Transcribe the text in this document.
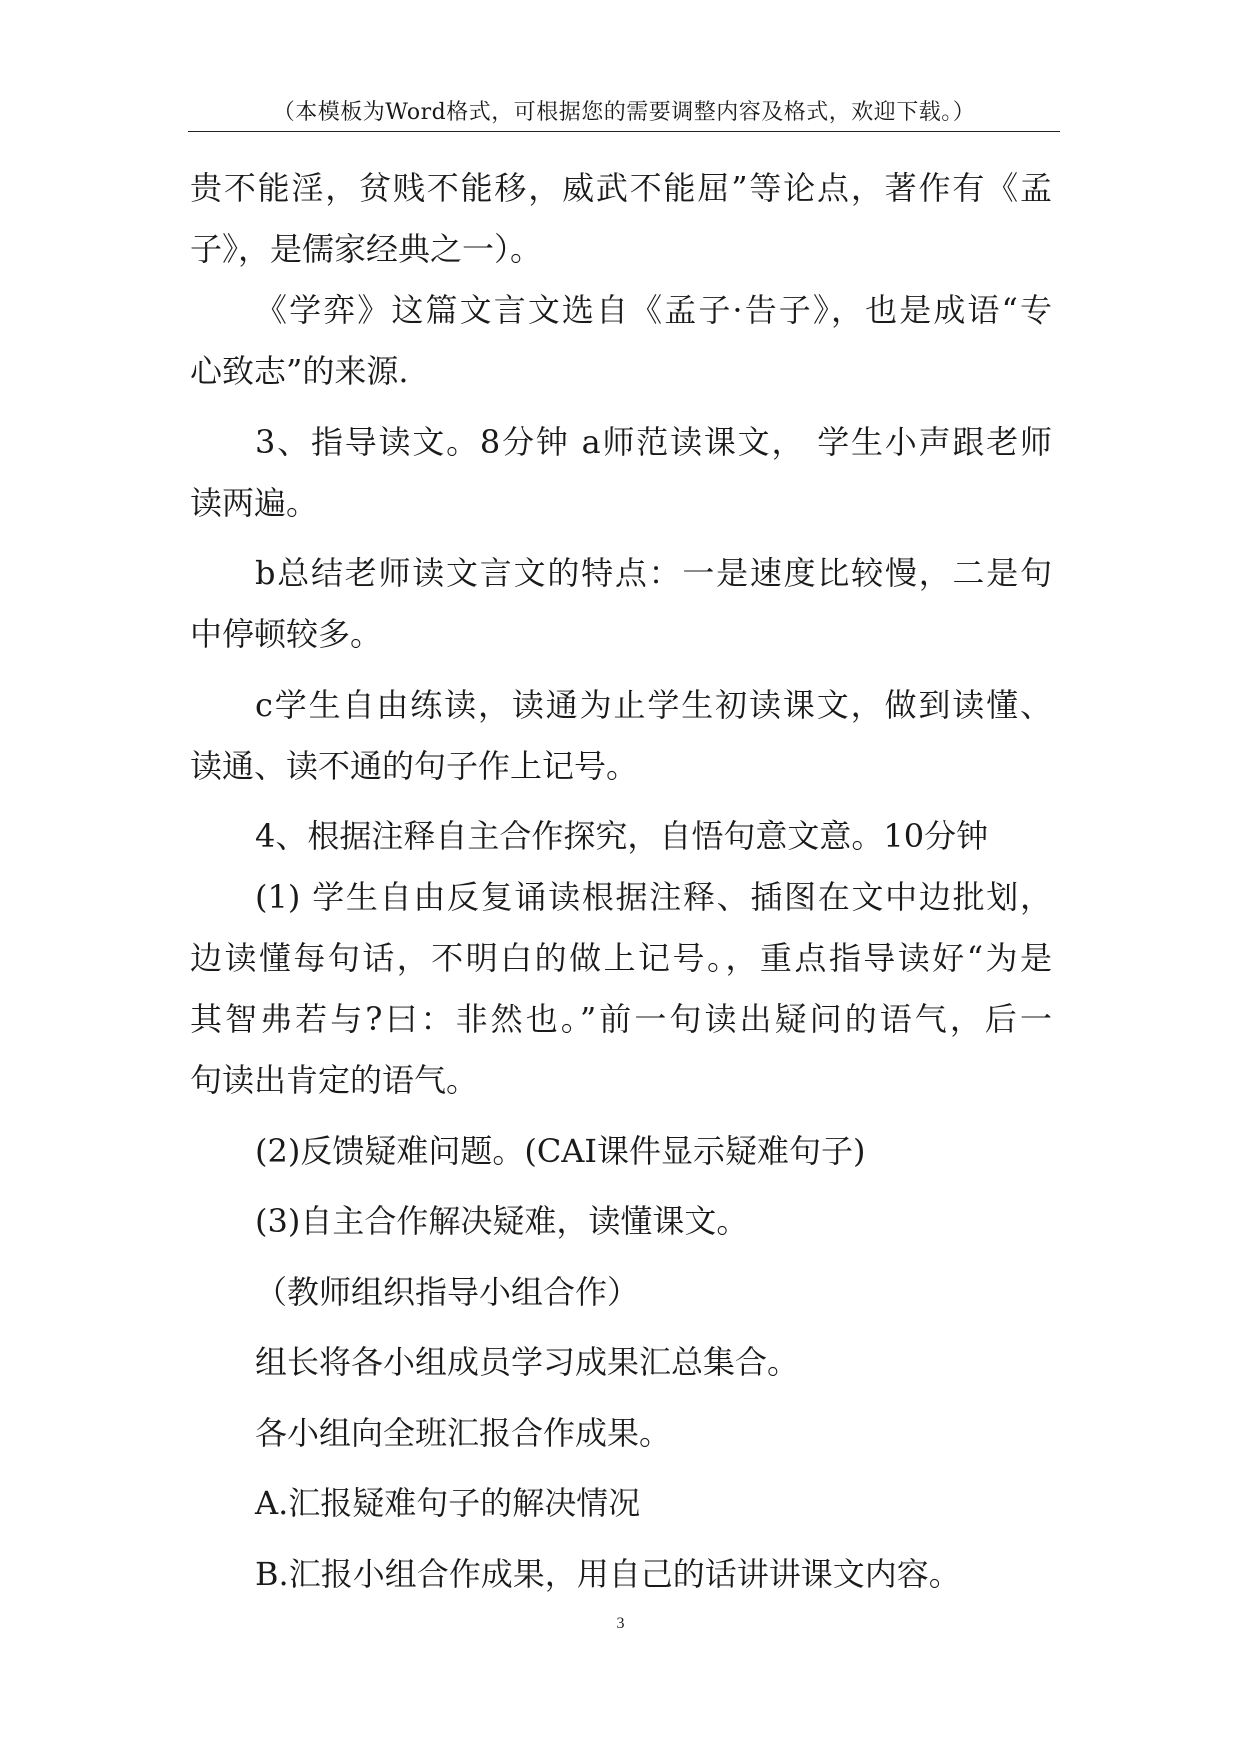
（本模板为Word格式，可根据您的需要调整内容及格式，欢迎下载。）
贵不能淫，贫贱不能移，威武不能屈”等论点，著作有《孟
子》，是儒家经典之一）。
《学弈》这篇文言文选自《孟子·告子》，也是成语“专
心致志”的来源.
3、指导读文。8分钟 a师范读课文， 学生小声跟老师
读两遍。
b总结老师读文言文的特点：一是速度比较慢，二是句
中停顿较多。
c学生自由练读，读通为止学生初读课文，做到读懂、
读通、读不通的句子作上记号。
4、根据注释自主合作探究，自悟句意文意。10分钟
(1) 学生自由反复诵读根据注释、插图在文中边批划，
边读懂每句话，不明白的做上记号。，重点指导读好“为是
其智弗若与?曰：非然也。”前一句读出疑问的语气，后一
句读出肯定的语气。
(2)反馈疑难问题。(CAI课件显示疑难句子)
(3)自主合作解决疑难，读懂课文。
（教师组织指导小组合作）
组长将各小组成员学习成果汇总集合。
各小组向全班汇报合作成果。
A.汇报疑难句子的解决情况
B.汇报小组合作成果，用自己的话讲讲课文内容。
3
